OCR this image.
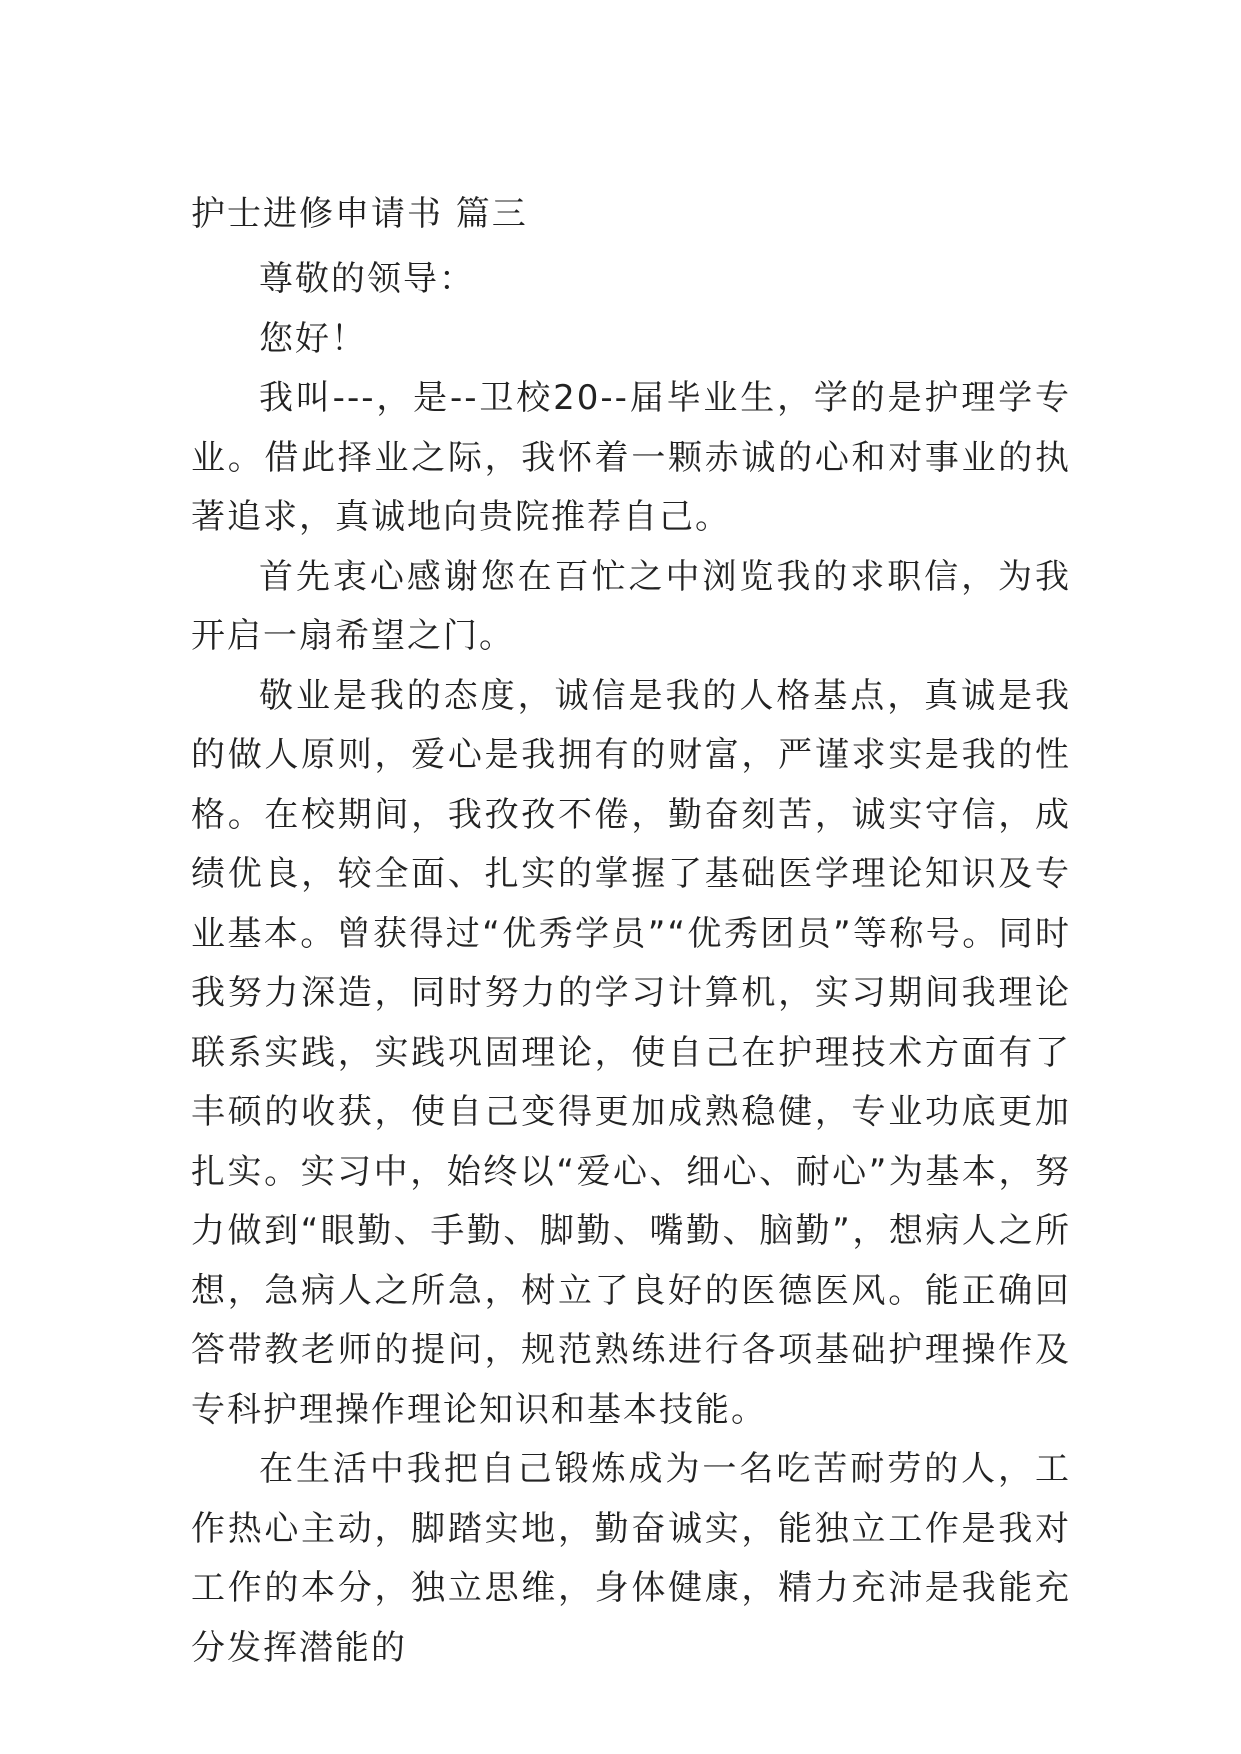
护士进修申请书 篇三

尊敬的领导：

您好！

我叫---，是--卫校20--届毕业生，学的是护理学专业。借此择业之际，我怀着一颗赤诚的心和对事业的执著追求，真诚地向贵院推荐自己。

首先衷心感谢您在百忙之中浏览我的求职信，为我开启一扇希望之门。

敬业是我的态度，诚信是我的人格基点，真诚是我的做人原则，爱心是我拥有的财富，严谨求实是我的性格。在校期间，我孜孜不倦，勤奋刻苦，诚实守信，成绩优良，较全面、扎实的掌握了基础医学理论知识及专业基本。曾获得过“优秀学员”“优秀团员”等称号。同时我努力深造，同时努力的学习计算机，实习期间我理论联系实践，实践巩固理论，使自己在护理技术方面有了丰硕的收获，使自己变得更加成熟稳健，专业功底更加扎实。实习中，始终以“爱心、细心、耐心”为基本，努力做到“眼勤、手勤、脚勤、嘴勤、脑勤”，想病人之所想，急病人之所急，树立了良好的医德医风。能正确回答带教老师的提问，规范熟练进行各项基础护理操作及专科护理操作理论知识和基本技能。

在生活中我把自己锻炼成为一名吃苦耐劳的人，工作热心主动，脚踏实地，勤奋诚实，能独立工作是我对工作的本分，独立思维，身体健康，精力充沛是我能充分发挥潜能的
